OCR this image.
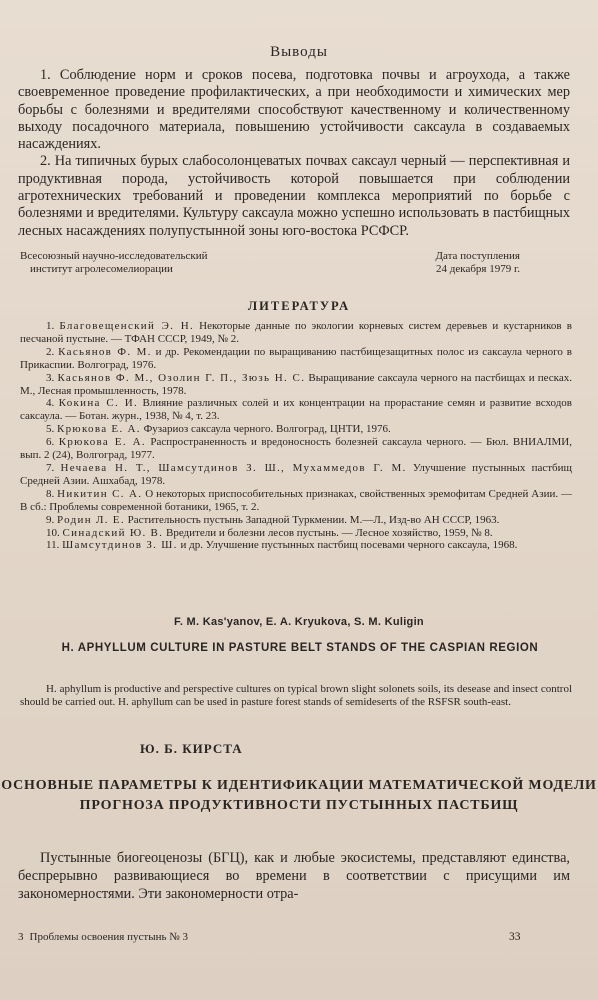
Выводы

1. Соблюдение норм и сроков посева, подготовка почвы и агроухода, а также своевременное проведение профилактических, а при необходимости и химических мер борьбы с болезнями и вредителями способствуют качественному и количественному выходу посадочного материала, повышению устойчивости саксаула в создаваемых насаждениях.

2. На типичных бурых слабосолонцеватых почвах саксаул черный — перспективная и продуктивная порода, устойчивость которой повышается при соблюдении агротехнических требований и проведении комплекса мероприятий по борьбе с болезнями и вредителями. Культуру саксаула можно успешно использовать в пастбищных лесных насаждениях полупустынной зоны юго-востока РСФСР.

Всесоюзный научно-исследовательский
институт агролесомелиорации
Дата поступления
24 декабря 1979 г.
ЛИТЕРАТУРА

1. Благовещенский Э. Н. Некоторые данные по экологии корневых систем деревьев и кустарников в песчаной пустыне. — ТФАН СССР, 1949, № 2.

2. Касьянов Ф. М. и др. Рекомендации по выращиванию пастбищезащитных полос из саксаула черного в Прикаспии. Волгоград, 1976.

3. Касьянов Ф. М., Озолин Г. П., Зюзь Н. С. Выращивание саксаула черного на пастбищах и песках. М., Лесная промышленность, 1978.

4. Кокина С. И. Влияние различных солей и их концентрации на прорастание семян и развитие всходов саксаула. — Ботан. журн., 1938, № 4, т. 23.

5. Крюкова Е. А. Фузариоз саксаула черного. Волгоград, ЦНТИ, 1976.

6. Крюкова Е. А. Распространенность и вредоносность болезней саксаула черного. — Бюл. ВНИАЛМИ, вып. 2 (24), Волгоград, 1977.

7. Нечаева Н. Т., Шамсутдинов З. Ш., Мухаммедов Г. М. Улучшение пустынных пастбищ Средней Азии. Ашхабад, 1978.

8. Никитин С. А. О некоторых приспособительных признаках, свойственных эремофитам Средней Азии. — В сб.: Проблемы современной ботаники, 1965, т. 2.

9. Родин Л. Е. Растительность пустынь Западной Туркмении. М.—Л., Изд-во АН СССР, 1963.

10. Синадский Ю. В. Вредители и болезни лесов пустынь. — Лесное хозяйство, 1959, № 8.

11. Шамсутдинов З. Ш. и др. Улучшение пустынных пастбищ посевами черного саксаула, 1968.

F. M. Kas'yanov, E. A. Kryukova, S. M. Kuligin
H. APHYLLUM CULTURE IN PASTURE BELT STANDS OF THE CASPIAN REGION

H. aphyllum is productive and perspective cultures on typical brown slight solonets soils, its desease and insect control should be carried out. H. aphyllum can be used in pasture forest stands of semideserts of the RSFSR south-east.

Ю. Б. КИРСТА
ОСНОВНЫЕ ПАРАМЕТРЫ К ИДЕНТИФИКАЦИИ МАТЕМАТИЧЕСКОЙ МОДЕЛИ ПРОГНОЗА ПРОДУКТИВНОСТИ ПУСТЫННЫХ ПАСТБИЩ

Пустынные биогеоценозы (БГЦ), как и любые экосистемы, представляют единства, беспрерывно развивающиеся во времени в соответствии с присущими им закономерностями. Эти закономерности отра-

3 Проблемы освоения пустынь № 3	33
